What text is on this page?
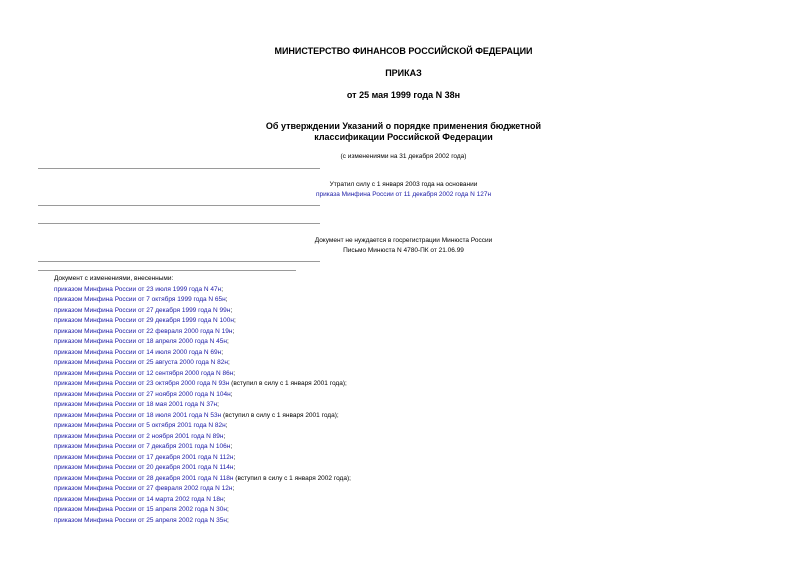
МИНИСТЕРСТВО ФИНАНСОВ РОССИЙСКОЙ ФЕДЕРАЦИИ
ПРИКАЗ
от 25 мая 1999 года N 38н
Об утверждении Указаний о порядке применения бюджетной
классификации Российской Федерации
(с изменениями на 31 декабря 2002 года)
Утратил силу с 1 января 2003 года на основании
приказа Минфина России от 11 декабря 2002 года N 127н
Документ не нуждается в госрегистрации Минюста России
Письмо Минюста N 4780-ПК от 21.06.99
Документ с изменениями, внесенными:
приказом Минфина России от 23 июля 1999 года N 47н;
приказом Минфина России от 7 октября 1999 года N 65н;
приказом Минфина России от 27 декабря 1999 года N 99н;
приказом Минфина России от 29 декабря 1999 года N 100н;
приказом Минфина России от 22 февраля 2000 года N 19н;
приказом Минфина России от 18 апреля 2000 года N 45н;
приказом Минфина России от 14 июля 2000 года N 69н;
приказом Минфина России от 25 августа 2000 года N 82н;
приказом Минфина России от 12 сентября 2000 года N 86н;
приказом Минфина России от 23 октября 2000 года N 93н (вступил в силу с 1 января 2001 года);
приказом Минфина России от 27 ноября 2000 года N 104н;
приказом Минфина России от 18 мая 2001 года N 37н;
приказом Минфина России от 18 июля 2001 года N 53н (вступил в силу с 1 января 2001 года);
приказом Минфина России от 5 октября 2001 года N 82н;
приказом Минфина России от 2 ноября 2001 года N 89н;
приказом Минфина России от 7 декабря 2001 года N 106н;
приказом Минфина России от 17 декабря 2001 года N 112н;
приказом Минфина России от 20 декабря 2001 года N 114н;
приказом Минфина России от 28 декабря 2001 года N 118н (вступил в силу с 1 января 2002 года);
приказом Минфина России от 27 февраля 2002 года N 12н;
приказом Минфина России от 14 марта 2002 года N 18н;
приказом Минфина России от 15 апреля 2002 года N 30н;
приказом Минфина России от 25 апреля 2002 года N 35н;
